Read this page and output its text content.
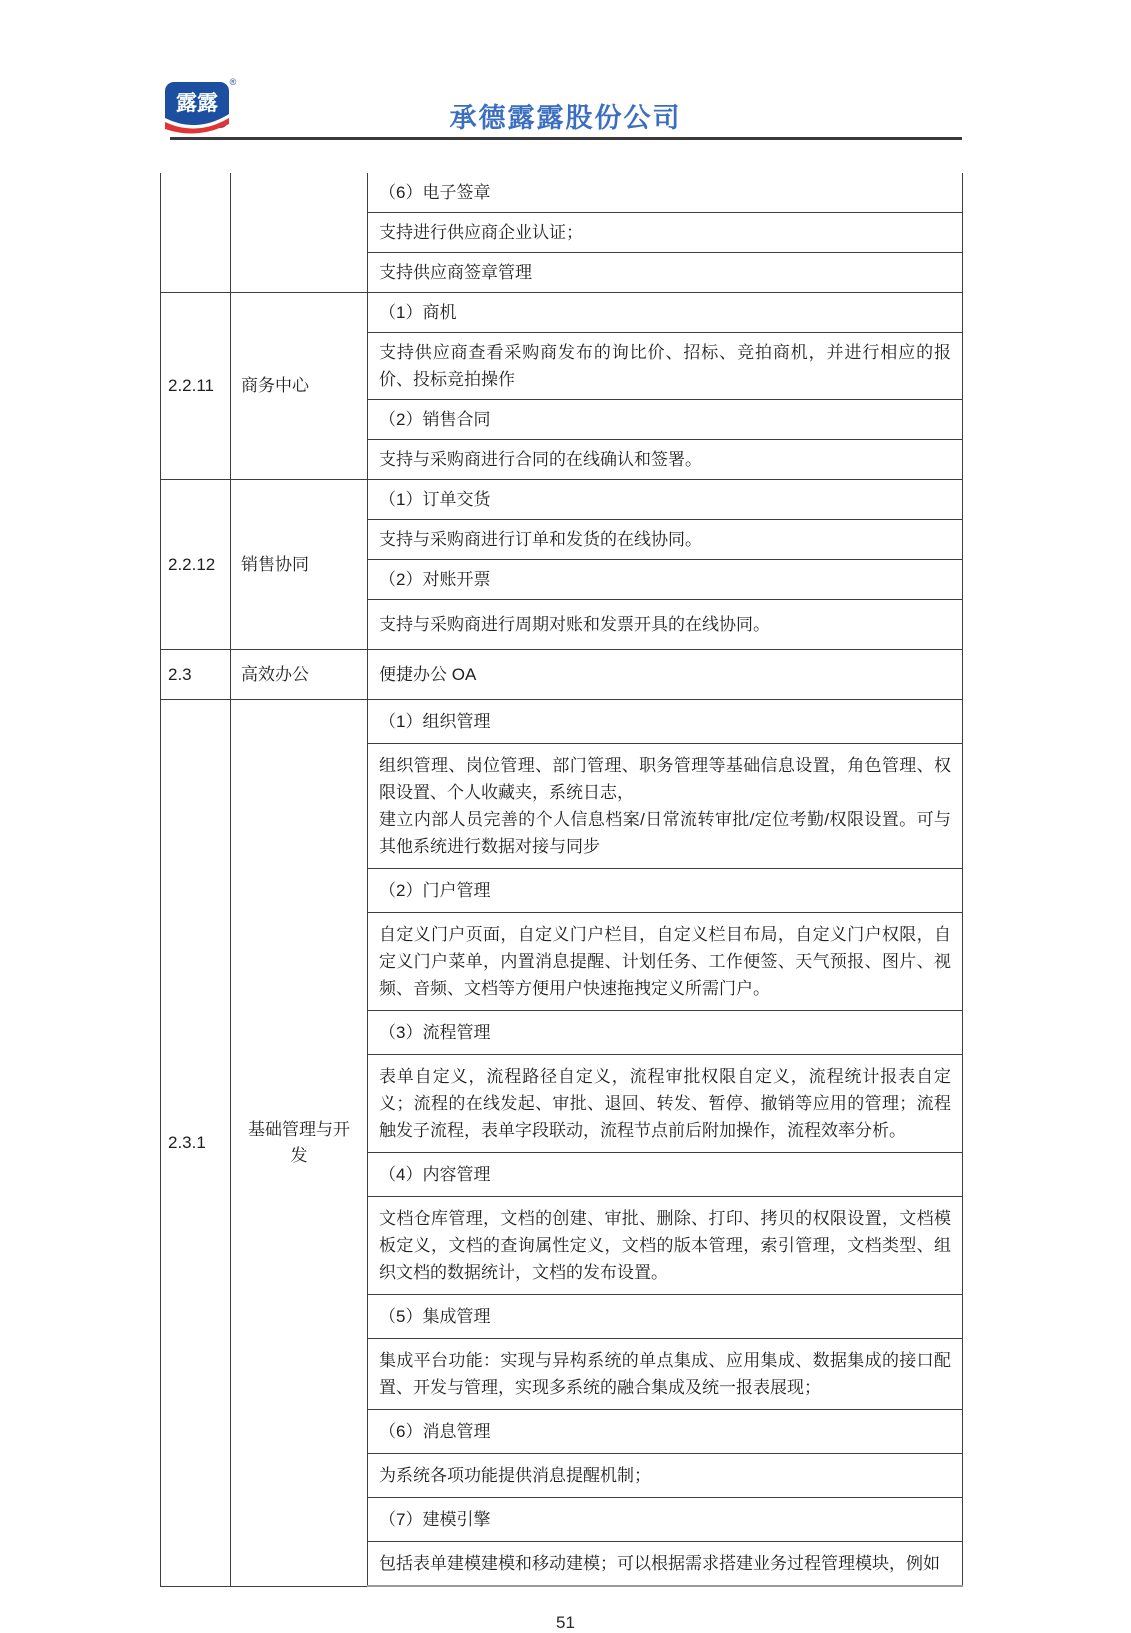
露露
®
承德露露股份公司

		（6）电子签章

		支持进行供应商企业认证；

		支持供应商签章管理

2.2.11	商务中心	（1）商机

		支持供应商查看采购商发布的询比价、招标、竞拍商机，并进行相应的报价、投标竞拍操作

		（2）销售合同

		支持与采购商进行合同的在线确认和签署。

2.2.12	销售协同	（1）订单交货

		支持与采购商进行订单和发货的在线协同。

		（2）对账开票

		支持与采购商进行周期对账和发票开具的在线协同。

2.3	高效办公	便捷办公 OA

2.3.1	基础管理与开发	（1）组织管理

		组织管理、岗位管理、部门管理、职务管理等基础信息设置，角色管理、权限设置、个人收藏夹，系统日志，
建立内部人员完善的个人信息档案/日常流转审批/定位考勤/权限设置。可与其他系统进行数据对接与同步

		（2）门户管理

		自定义门户页面，自定义门户栏目，自定义栏目布局，自定义门户权限，自定义门户菜单，内置消息提醒、计划任务、工作便签、天气预报、图片、视频、音频、文档等方便用户快速拖拽定义所需门户。

		（3）流程管理

		表单自定义，流程路径自定义，流程审批权限自定义，流程统计报表自定义；流程的在线发起、审批、退回、转发、暂停、撤销等应用的管理；流程触发子流程，表单字段联动，流程节点前后附加操作，流程效率分析。

		（4）内容管理

		文档仓库管理，文档的创建、审批、删除、打印、拷贝的权限设置，文档模板定义，文档的查询属性定义，文档的版本管理，索引管理，文档类型、组织文档的数据统计，文档的发布设置。

		（5）集成管理

		集成平台功能：实现与异构系统的单点集成、应用集成、数据集成的接口配置、开发与管理，实现多系统的融合集成及统一报表展现；

		（6）消息管理

		为系统各项功能提供消息提醒机制；

		（7）建模引擎

		包括表单建模建模和移动建模；可以根据需求搭建业务过程管理模块，例如
51
